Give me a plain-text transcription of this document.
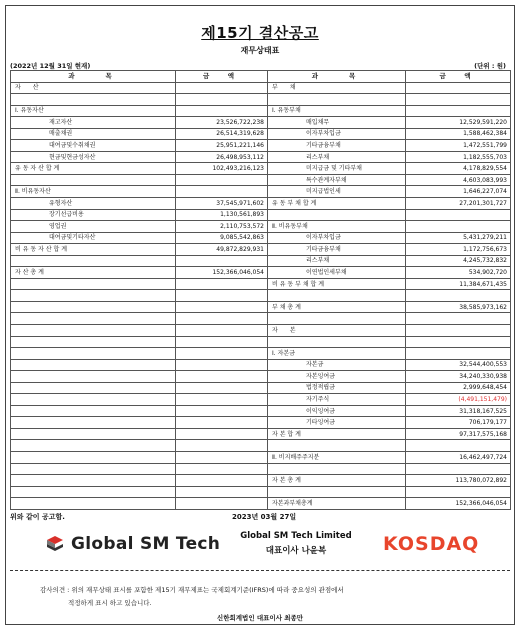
제15기 결산공고
재무상태표
(2022년 12월 31일 현재)	(단위 : 원)
과　　목	금　액	과　　목	금　액
자 산		부 채	

Ⅰ. 유동자산		Ⅰ. 유동부채	
재고자산	23,526,722,238	매입채무	12,529,591,220
매출채권	26,514,319,628	이자부차입금	1,588,462,384
대여금및수취채권	25,951,221,146	기타금융부채	1,472,551,799
현금및현금성자산	26,498,953,112	리스부채	1,182,555,703
유 동 자 산 합 계	102,493,216,123	미지급금 및 기타부채	4,178,829,554
		특수관계자부채	4,603,083,993
Ⅱ. 비유동자산		미지급법인세	1,646,227,074
유형자산	37,545,971,602	유 동 부 채 합 계	27,201,301,727
장기선급비용	1,130,561,893		
영업권	2,110,753,572	Ⅱ. 비유동부채	
대여금및기타자산	9,085,542,863	이자부차입금	5,431,279,211
비 유 동 자 산 합 계	49,872,829,931	기타금융부채	1,172,756,673
		리스부채	4,245,732,832
자 산 총 계	152,366,046,054	이연법인세부채	534,902,720
		비 유 동 부 채 합 계	11,384,671,435

		부 채 총 계	38,585,973,162

		자 본	

		Ⅰ. 자본금	
		자본금	32,544,400,553
		자본잉여금	34,240,330,938
		법정적립금	2,999,648,454
		자기주식	(4,491,151,479)
		이익잉여금	31,318,167,525
		기타잉여금	706,179,177
		자 본 합 계	97,317,575,168

		Ⅱ. 비지배주주지분	16,462,497,724

		자 본 총 계	113,780,072,892

		자본과부채총계	152,366,046,054
위와 같이 공고함.	2023년 03월 27일
Global SM Tech	Global SM Tech Limited
대표이사 나윤복	KOSDAQ
감사의견 : 위의 재무상태 표시를 포함한 제15기 재무제표는 국제회계기준(IFRS)에 따라 중요성의 관점에서
적정하게 표시 하고 있습니다.
신한회계법인 대표이사 최종만
